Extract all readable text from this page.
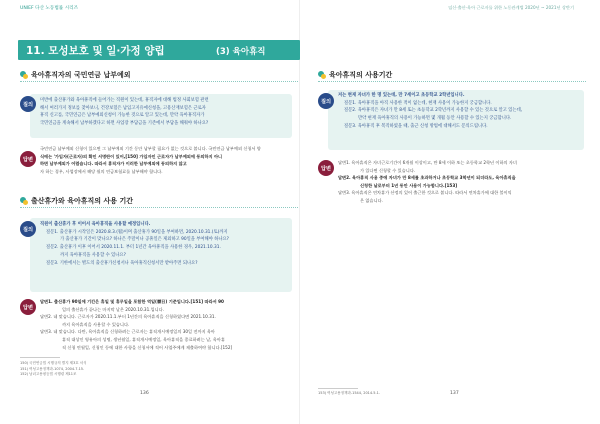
UNIEF 다산 노동법률 시리즈	임신·출산·육아 근로자를 위한 노동관계법 2020년 ~ 2021년 상반기
11. 모성보호 및 일·가정 양립	(3) 육아휴직
육아휴직자의 국민연금 납부예외
질의
미반에 출산휴가와 육아휴직에 들어가는 직원이 있는데, 휴직자에 대해 법정 사회보험 관련
해서 여러가지 정보를 찾아보니, 건강보험은 납입고지유예신청을, 고용산재보험은 근로자
휴직 신고를, 국민연금은 납부예외신청이 가능한 것으로 알고 있는데, 만약 육아휴직자가
국민연금을 계속해서 납부하겠다고 하면 사업장 부담금을 기존에서 부담을 해줘야 하나요?
답변
국민연금 납부예외 신청이 있으면 그 납부예외 기간 동안 납부할 필요가 없는 것으로 봅니다. 국민연금 납부예외 신청서 양
식에는 '가입자(근로자)의 확인 서명란이 있어,[150] 가입자인 근로자가 납부예외에 동의하지 아니
하면 납부예외가 어렵습니다. 따라서 휴직자가 이러한 납부예외에 동의하지 않고
자 하는 경우, 사업장에서 해당 월의 연금보험료를 납부해야 합니다.
출산휴가와 육아휴직의 사용 기간
질의
직원이 출산휴가 후 이어서 육아휴직을 사용할 예정입니다.
질문1. 출산휴가 시작일은 2020.8.3.(월)이며 출산휴가 90일을 부여하면, 2020.10.31.(토)까지
가 출산휴가 기간이 맞나요? 하나은 주말이나 공휴일은 제외하고 90일을 부여해야 하나요?
질문2. 출산휴가 이후 이어서 2020.11.1. 부터 1년간 육아휴직을 사용한 경우, 2021.10.31.
까지 육아휴직을 사용할 수 있나요?
질문3. 기한에서는 별도의 출산휴가신청서나 육아휴직신청서만 받아주면 되나요?
답변
답변1. 출산휴가 90일에 기간은 휴일 및 휴무일을 포함한 역일(曆日) 기준입니다.[151] 따라서 90
일의 출산휴가 끝나는 마지막 날은 2020.10.31.입니다.
답변2. 네 맞습니다. 근로자가 2020.11.1.부터 1년간의 육아휴직을 신청하였다면 2021.10.31.
까지 육아휴직을 사용할 수 있습니다.
답변3. 네 맞습니다. 다만, 육아휴직을 신청하려는 근로자는 휴직개시예정일의 30일 전까지 육아
휴직 대상인 영유아의 성명, 생년월일, 휴직개시예정일, 육아휴직을 종료하려는 날, 육아휴
직 신청 연월일, 신청인 등에 대한 사항을 신청서에 적어 사업주에게 제출하여야 합니다.[152]
150) 국민연금법 시행규칙 별지 제3호 서식
151) 여성고용정책과-1074, 2004.7.15.
152) 남녀고용평등법 시행령 제11조
136
육아휴직의 사용기간
질의
저는 현재 자녀가 한 명 있는데, 만 7세이고 초등학교 2학년입니다.
질문1. 육아휴직을 아직 사용한 적이 없는데, 현재 사용이 가능한지 궁금합니다.
질문2. 육아휴직은 자녀가 만 8세 또는 초등학교 2학년까지 사용할 수 있는 것으로 알고 있는데,
만약 현재 육아휴직의 사용이 가능하면 몇 개월 동안 사용할 수 있는지 궁금합니다.
질문3. 육아휴직 후 복직하였을 때, 출근 신청 방법에 대해서도 문의드립니다.
답변
답변1. 육아휴직은 자녀근로기간이 6개월 이상이고, 만 8세 이하 또는 초등학교 2학년 이하의 자녀
가 있다면 신청할 수 있습니다.
답변2. 육아휴직 사용 중에 자녀가 만 8세를 초과하거나 초등학교 3학년이 되더라도, 육아휴직을
신청한 날로부터 1년 동안 사용이 가능합니다.[153]
답변3. 육아휴직은 연차휴가 산정의 있어 출근한 것으로 봅니다. 따라서 연차휴가에 대한 불이익
은 없습니다.
153) 여성고용정책과-1544, 2014.5.1.	137
